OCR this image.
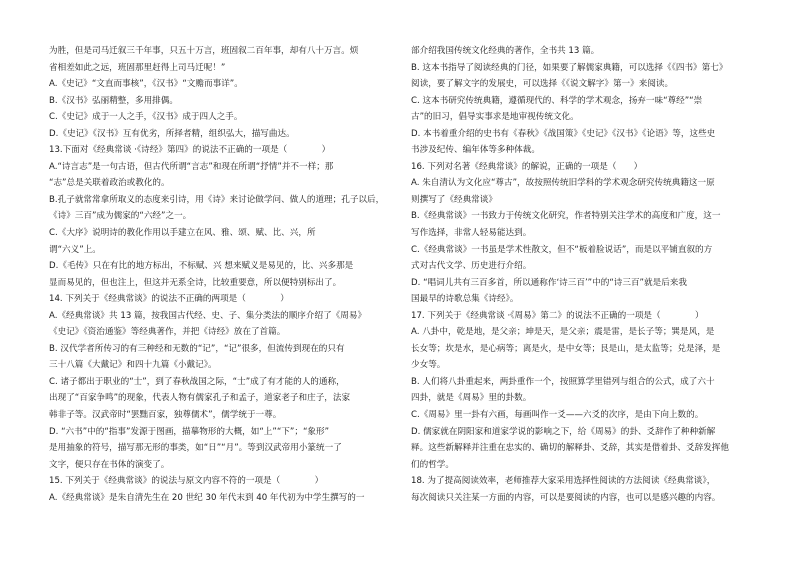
为胜，但是司马迁叙三千年事，只五十万言，班固叙二百年事，却有八十万言。烦
省相差如此之远，班固那里赶得上司马迁呢！”
A.《史记》“文直而事核”，《汉书》“文赡而事详”。
B.《汉书》弘丽精整，多用排偶。
C.《史记》成于一人之手，《汉书》成于四人之手。
D.《史记》《汉书》互有优劣，所择者精，组织弘大，描写曲达。
13.下面对《经典常谈 ·《诗经》第四》的说法不正确的一项是（　　　　）
A.“诗言志”是一句古语，但古代所谓“言志”和现在所谓“抒情”并不一样；那
“志”总是关联着政治或教化的。
B.孔子就常常拿所取义的态度来引诗，用《诗》来讨论做学问、做人的道理；孔子以后，
《诗》三百”成为儒家的“六经”之一。
C.《大序》说明诗的教化作用以手建立在风、雅、颂、赋、比、兴，所
谓“六义”上。
D.《毛传》只在有比的地方标出，不标赋、兴 想来赋义是易见的，比、兴多那是
显而易见的，但也注上，但这并无系全诗，比较重要意，所以便特别标出了。
14. 下列关于《经典常谈》的说法不正确的两项是（　　　　）
A.《经典常谈》共 13 篇，按我国古代经、史、子、集分类法的顺序介绍了《周易》
《史记》《资治通鉴》等经典著作，并把《诗经》放在了首篇。
B. 汉代学者所传习的有三种经和无数的“记”，“记”很多，但流传到现在的只有
三十八篇《大戴记》和四十九篇《小戴记》。
C. 诸子都出于职业的“士”，到了春秋战国之际，“士”成了有才能的人的通称，
出现了“百家争鸣”的现象，代表人物有儒家孔子和孟子，道家老子和庄子，法家
韩非子等。汉武帝时“罢黜百家，独尊儒术”，儒学统于一尊。
D. “六书”中的“指事”发源于图画，描摹物形的大概，如“上”“下”；“象形”
是用抽象的符号，描写那无形的事类，如“日”“月”。等到汉武帝用小篆统一了
文字，便只存在书体的演变了。
15. 下列关于《经典常谈》的说法与原文内容不符的一项是（　　　　）
A.《经典常谈》是朱自清先生在 20 世纪 30 年代末到 40 年代初为中学生撰写的一
部介绍我国传统文化经典的著作，全书共 13 篇。
B. 这本书指导了阅读经典的门径，如果要了解儒家典籍，可以选择《《四书》第七》
阅读，要了解文字的发展史，可以选择《《说文解字》第一》来阅读。
C. 这本书研究传统典籍，遵循现代的、科学的学术观念，扬弃一味“尊经”“崇
古”的旧习，倡导实事求是地审视传统文化。
D. 本书着重介绍的史书有《春秋》《战国策》《史记》《汉书》《论语》等，这些史
书涉及纪传、编年体等多种体裁。
16. 下列对名著《经典常谈》的解说，正确的一项是（　　）
A. 朱自清认为文化应“尊古”，故按照传统旧学科的学术观念研究传统典籍这一原
则撰写了《经典常谈》
B.《经典常谈》一书致力于传统文化研究，作者特别关注学术的高度和广度，这一
写作选择，非常人轻易能达到。
C.《经典常谈》一书虽是学术性散文，但不“板着脸说话”，而是以平铺直叙的方
式对古代文学、历史进行介绍。
D. “唱词儿共有三百多首，所以通称作‘诗三百’”中的“诗三百”就是后来我
国最早的诗歌总集《诗经》。
17. 下列关于《经典常谈 ·《周易》第二》的说法不正确的一项是（　　　　）
A. 八卦中，乾是地，是父亲；坤是天，是父亲；震是雷，是长子等；巽是风，是
长女等；坎是水，是心病等；离是火，是中女等；艮是山，是太监等；兑是泽，是
少女等。
B. 人们将八卦重起来，两卦重作一个，按照算学里错列与组合的公式，成了六十
四卦，就是《周易》里的卦数。
C.《周易》里一卦有六画，每画叫作一爻——六爻的次序，是由下向上数的。
D. 儒家就在阴阳家和道家学说的影响之下，给《周易》的卦、爻辞作了种种新解
释。这些新解释并注重在忠实的、确切的解释卦、爻辞，其实是借着卦、爻辞发挥他
们的哲学。
18. 为了提高阅读效率，老师推荐大家采用选择性阅读的方法阅读《经典常谈》，
每次阅读只关注某一方面的内容，可以是要阅读的内容，也可以是感兴趣的内容。
